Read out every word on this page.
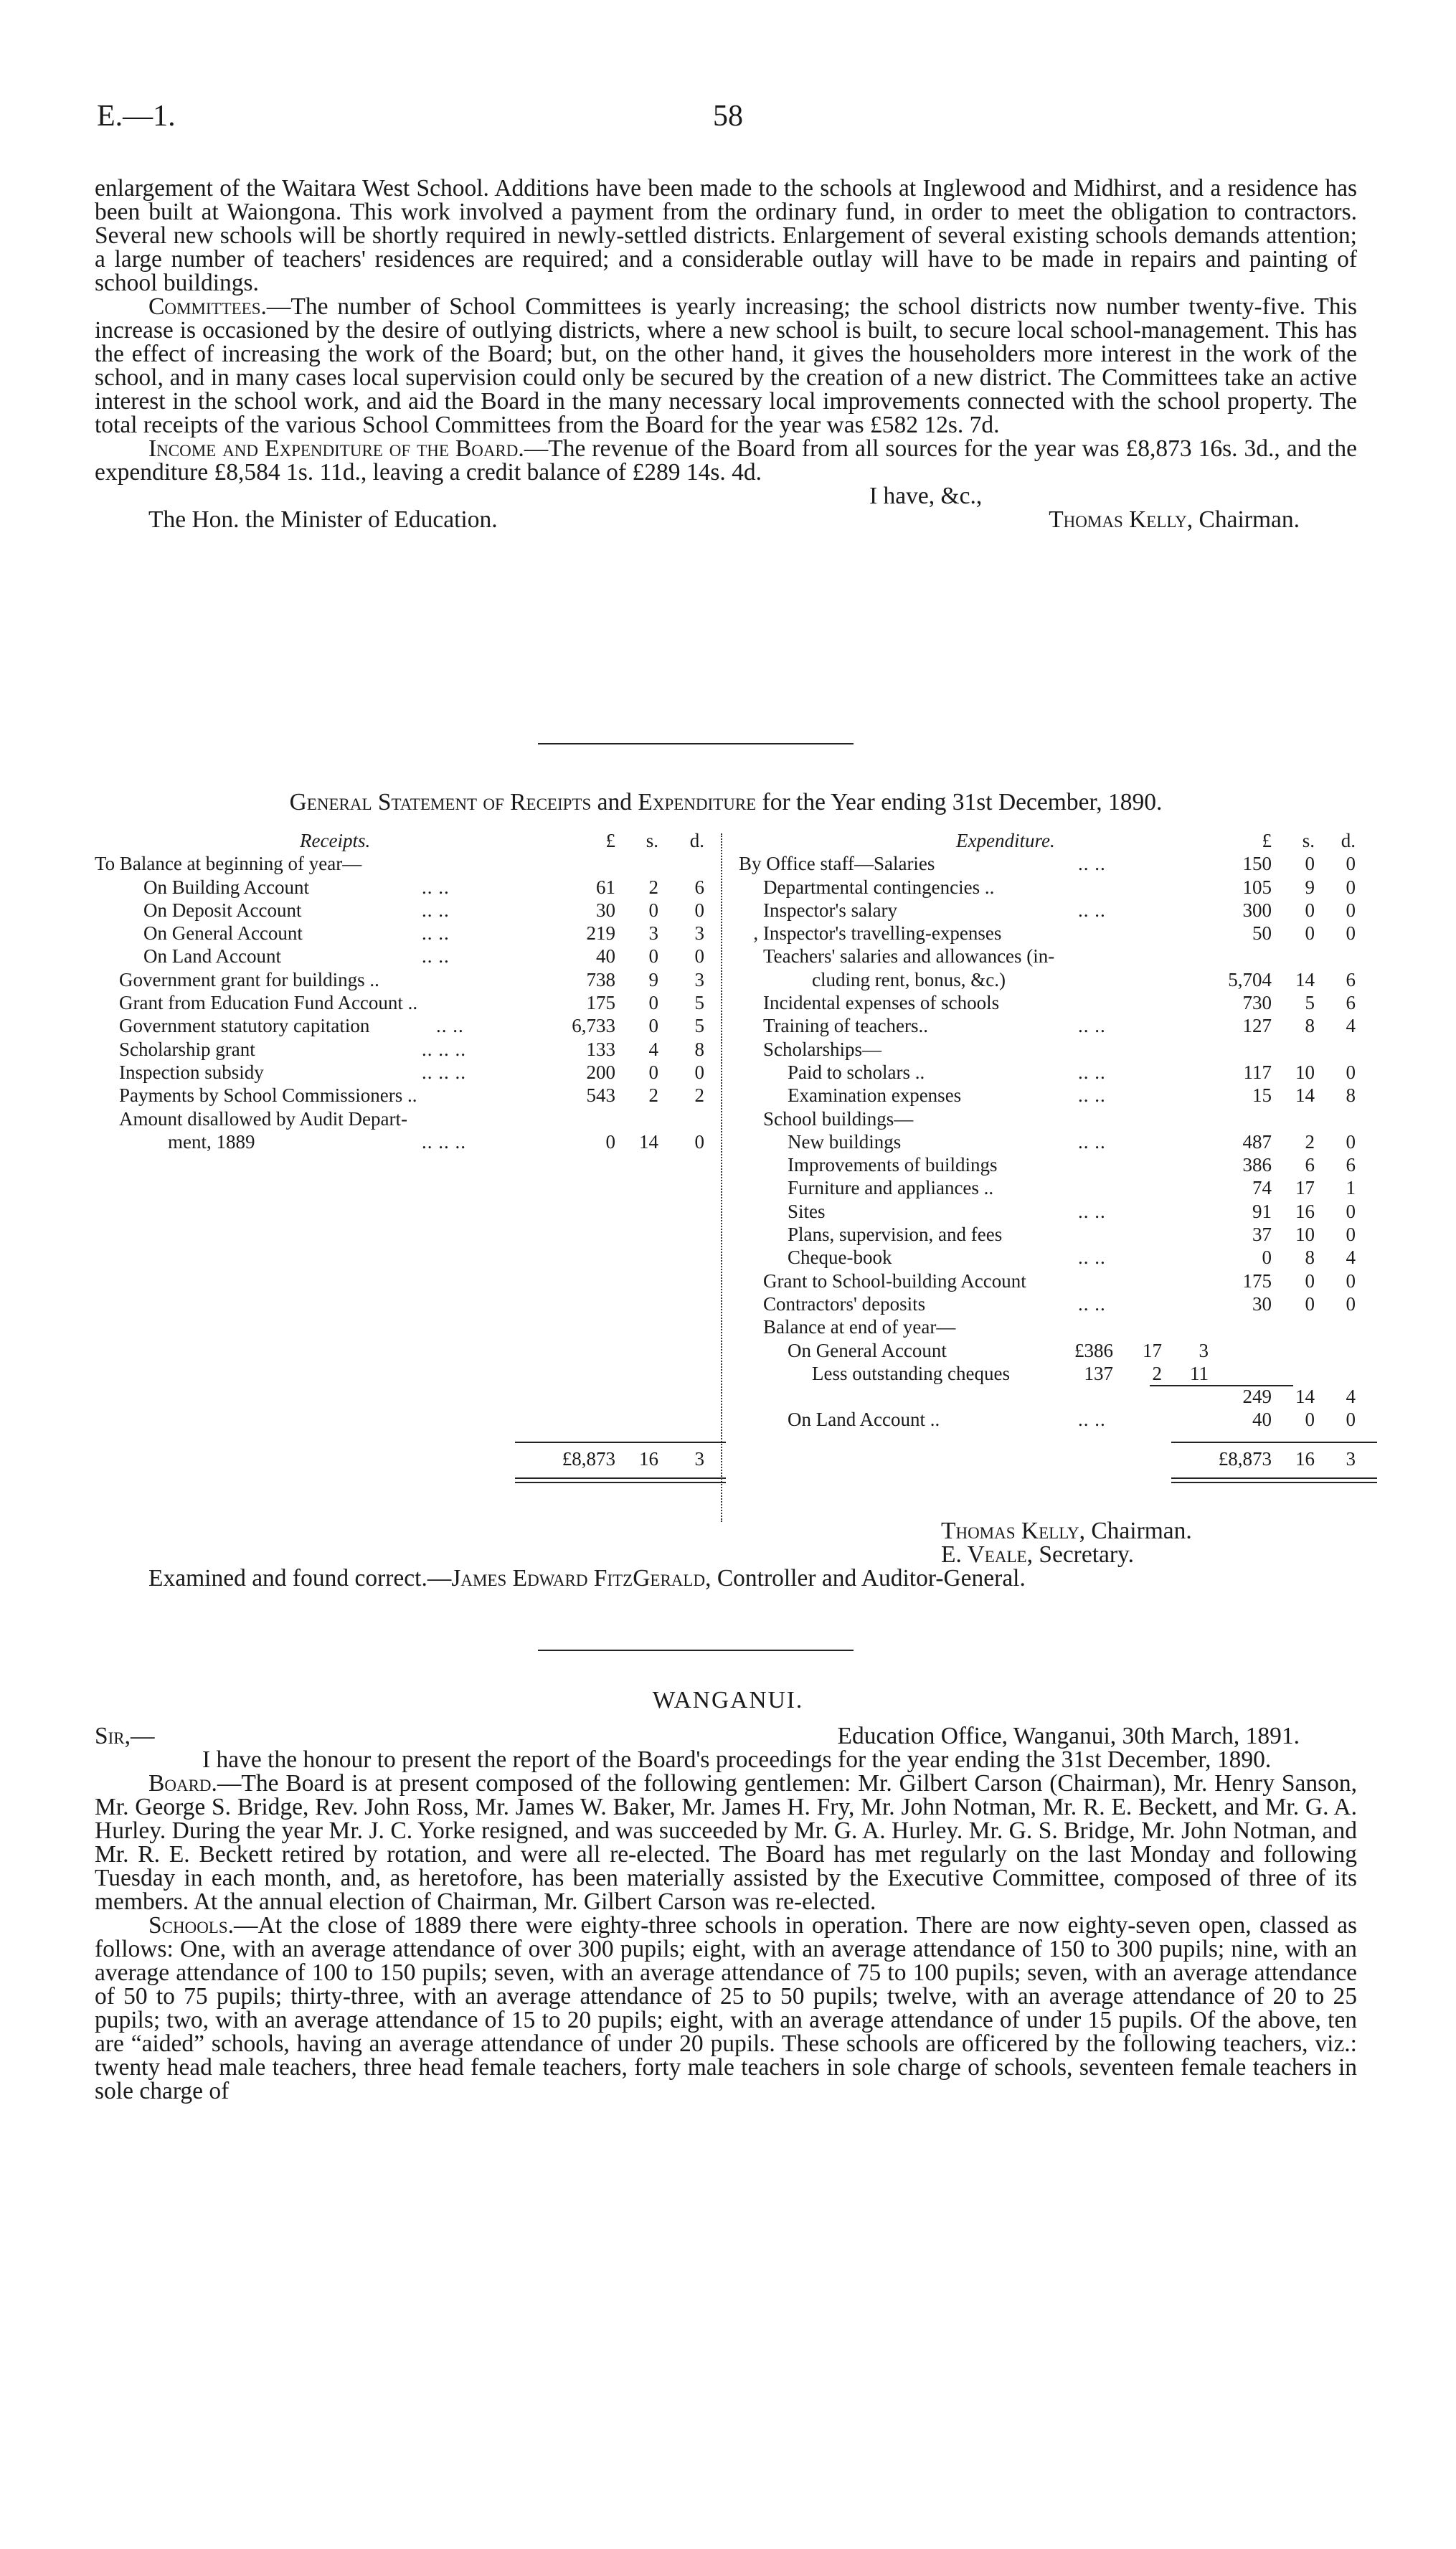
E.—1.	58

enlargement of the Waitara West School. Additions have been made to the schools at Inglewood and Midhirst, and a residence has been built at Waiongona. This work involved a payment from the ordinary fund, in order to meet the obligation to contractors. Several new schools will be shortly required in newly-settled districts. Enlargement of several existing schools demands attention; a large number of teachers' residences are required; and a considerable outlay will have to be made in repairs and painting of school buildings.

Committees.—The number of School Committees is yearly increasing; the school districts now number twenty-five. This increase is occasioned by the desire of outlying districts, where a new school is built, to secure local school-management. This has the effect of increasing the work of the Board; but, on the other hand, it gives the householders more interest in the work of the school, and in many cases local supervision could only be secured by the creation of a new district. The Committees take an active interest in the school work, and aid the Board in the many necessary local improvements connected with the school property. The total receipts of the various School Committees from the Board for the year was £582 12s. 7d.

Income and Expenditure of the Board.—The revenue of the Board from all sources for the year was £8,873 16s. 3d., and the expenditure £8,584 1s. 11d., leaving a credit balance of £289 14s. 4d.

I have, &c.,

The Hon. the Minister of Education.	Thomas Kelly, Chairman.
General Statement of Receipts and Expenditure for the Year ending 31st December, 1890.
Receipts.	£ s. d.
To Balance at beginning of year—
On Building Account	.. ..	61 2 6
On Deposit Account	.. ..	30 0 0
On General Account	.. ..	219 3 3
On Land Account	.. ..	40 0 0
Government grant for buildings ..	738 9 3
Grant from Education Fund Account ..	175 0 5
Government statutory capitation	.. ..	6,733 0 5
Scholarship grant	.. .. ..	133 4 8
Inspection subsidy	.. .. ..	200 0 0
Payments by School Commissioners ..	543 2 2
Amount disallowed by Audit Depart-
ment, 1889	.. .. ..	0 14 0
£8,873 16 3
Expenditure.	£ s. d.
By Office staff—Salaries	.. ..	150 0 0
Departmental contingencies ..	105 9 0
Inspector's salary	.. ..	300 0 0
, Inspector's travelling-expenses	50 0 0
Teachers' salaries and allowances (in-
cluding rent, bonus, &c.)	5,704 14 6
Incidental expenses of schools	730 5 6
Training of teachers..	.. ..	127 8 4
Scholarships—
Paid to scholars ..	.. ..	117 10 0
Examination expenses	.. ..	15 14 8
School buildings—
New buildings	.. ..	487 2 0
Improvements of buildings	386 6 6
Furniture and appliances ..	74 17 1
Sites	.. ..	91 16 0
Plans, supervision, and fees	37 10 0
Cheque-book	.. ..	0 8 4
Grant to School-building Account	175 0 0
Contractors' deposits	.. ..	30 0 0
Balance at end of year—
On General Account	£386 17 3
Less outstanding cheques	137 2 11
249 14 4
On Land Account ..	.. ..	40 0 0
£8,873 16 3

Thomas Kelly, Chairman.

E. Veale, Secretary.

Examined and found correct.—James Edward FitzGerald, Controller and Auditor-General.

WANGANUI.
Sir,—	Education Office, Wanganui, 30th March, 1891.

I have the honour to present the report of the Board's proceedings for the year ending the 31st December, 1890.

Board.—The Board is at present composed of the following gentlemen: Mr. Gilbert Carson (Chairman), Mr. Henry Sanson, Mr. George S. Bridge, Rev. John Ross, Mr. James W. Baker, Mr. James H. Fry, Mr. John Notman, Mr. R. E. Beckett, and Mr. G. A. Hurley. During the year Mr. J. C. Yorke resigned, and was succeeded by Mr. G. A. Hurley. Mr. G. S. Bridge, Mr. John Notman, and Mr. R. E. Beckett retired by rotation, and were all re-elected. The Board has met regularly on the last Monday and following Tuesday in each month, and, as heretofore, has been materially assisted by the Executive Committee, composed of three of its members. At the annual election of Chairman, Mr. Gilbert Carson was re-elected.

Schools.—At the close of 1889 there were eighty-three schools in operation. There are now eighty-seven open, classed as follows: One, with an average attendance of over 300 pupils; eight, with an average attendance of 150 to 300 pupils; nine, with an average attendance of 100 to 150 pupils; seven, with an average attendance of 75 to 100 pupils; seven, with an average attendance of 50 to 75 pupils; thirty-three, with an average attendance of 25 to 50 pupils; twelve, with an average attendance of 20 to 25 pupils; two, with an average attendance of 15 to 20 pupils; eight, with an average attendance of under 15 pupils. Of the above, ten are “aided” schools, having an average attendance of under 20 pupils. These schools are officered by the following teachers, viz.: twenty head male teachers, three head female teachers, forty male teachers in sole charge of schools, seventeen female teachers in sole charge of
